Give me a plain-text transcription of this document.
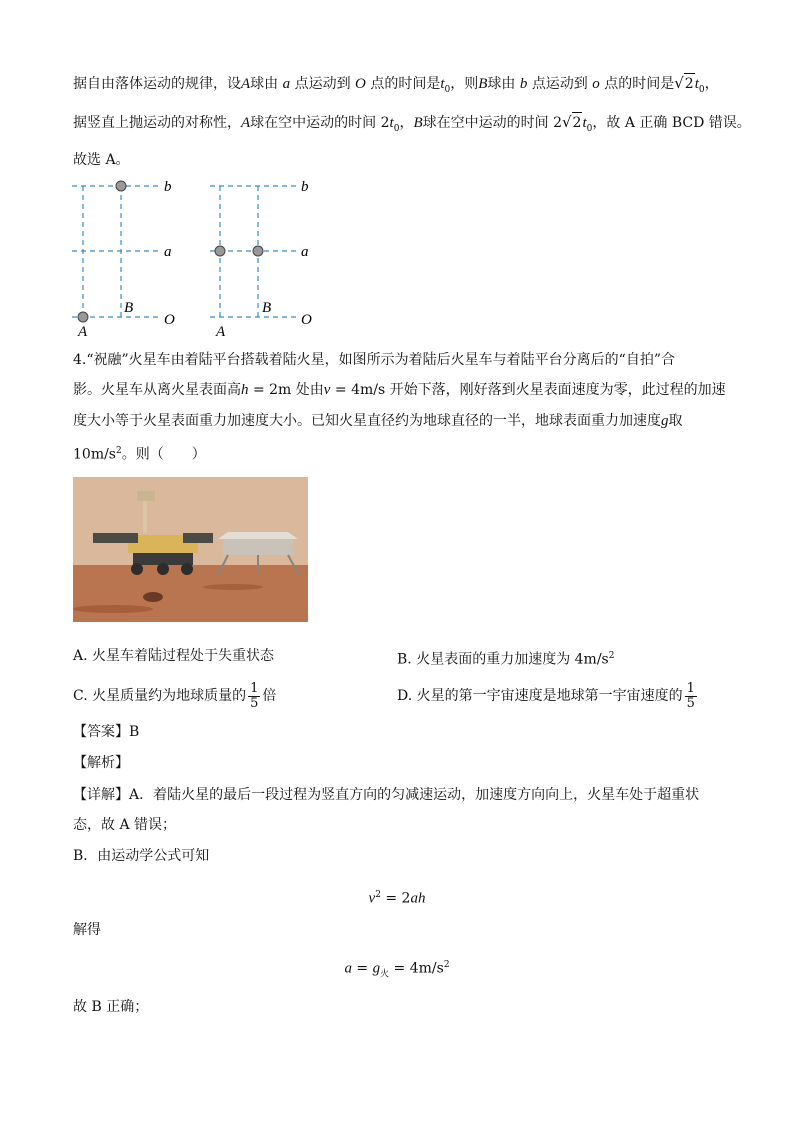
据自由落体运动的规律，设A球由 a 点运动到 O 点的时间是$t_0$，则B球由 b 点运动到 o 点的时间是$√2t_0$，
据竖直上抛运动的对称性，A球在空中运动的时间 $2t_0$，B球在空中运动的时间 $2√2t_0$，故 A 正确 BCD 错误。
故选 A。
b
a
O
A
B
b
a
O
A
B
4.“祝融”火星车由着陆平台搭载着陆火星，如图所示为着陆后火星车与着陆平台分离后的“自拍”合
影。火星车从离火星表面高h = 2m 处由v = 4m/s 开始下落，刚好落到火星表面速度为零，此过程的加速
度大小等于火星表面重力加速度大小。已知火星直径约为地球直径的一半，地球表面重力加速度g取
$10m/s^2$。则（　　）
A. 火星车着陆过程处于失重状态	B. 火星表面的重力加速度为 $4m/s^2$
C. 火星质量约为地球质量的 $\frac{1}{5}$ 倍	D. 火星的第一宇宙速度是地球第一宇宙速度的 $\frac{1}{5}$
【答案】B
【解析】
【详解】A．着陆火星的最后一段过程为竖直方向的匀减速运动，加速度方向向上，火星车处于超重状
态，故 A 错误；
B．由运动学公式可知
$v^2 = 2ah$
解得
$a = g_火 = 4m/s^2$
故 B 正确；
